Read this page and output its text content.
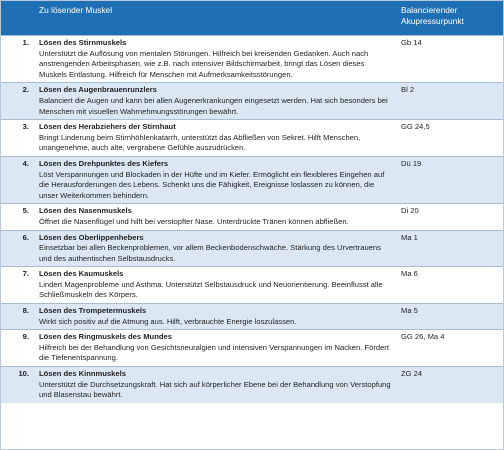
	Zu lösender Muskel	Balancierender Akupressurpunkt
1.	Lösen des Stirnmuskels
Unterstützt die Auflösung von mentalen Störungen. Hilfreich bei kreisenden Gedanken. Auch nach anstrengenden Arbeitsphasen, wie z.B. nach intensiver Bildschirmarbeit, bringt das Lösen dieses Muskels Entlastung. Hilfreich für Menschen mit Aufmerksamkeitsstörungen.	Gb 14
2.	Lösen des Augenbrauenrunzlers
Balanciert die Augen und kann bei allen Augenerkrankungen eingesetzt werden. Hat sich besonders bei Menschen mit visuellen Wahrnehmungsstörungen bewährt.	Bl 2
3.	Lösen des Herabziehers der Stirnhaut
Bringt Linderung beim Stirnhöhlenkatarrh, unterstützt das Abfließen von Sekret. Hilft Menschen, unangenehme, auch alte, vergrabene Gefühle auszudrücken.	GG 24,5
4.	Lösen des Drehpunktes des Kiefers
Löst Verspannungen und Blockaden in der Hüfte und im Kiefer. Ermöglicht ein flexibleres Eingehen auf die Herausforderungen des Lebens. Schenkt uns die Fähigkeit, Ereignisse loslassen zu können, die unser Weiterkommen behindern.	Dü 19
5.	Lösen des Nasenmuskels
Öffnet die Nasenflügel und hilft bei verstopfter Nase. Unterdrückte Tränen können abfließen.	Di 20
6.	Lösen des Oberlippenhebers
Einsetzbar bei allen Beckenproblemen, vor allem Beckenbodenschwäche. Stärkung des Urvertrauens und des authentischen Selbstausdrucks.	Ma 1
7.	Lösen des Kaumuskels
Lindert Magenprobleme und Asthma. Unterstützt Selbstausdruck und Neuorientierung. Beeinflusst alle Schließmuskeln des Körpers.	Ma 6
8.	Lösen des Trompetermuskels
Wirkt sich positiv auf die Atmung aus. Hilft, verbrauchte Energie loszulassen.	Ma 5
9.	Lösen des Ringmuskels des Mundes
Hilfreich bei der Behandlung von Gesichtsneuralgien und intensiven Verspannungen im Nacken. Fördert die Tiefenentspannung.	GG 26, Ma 4
10.	Lösen des Kinnmuskels
Unterstützt die Durchsetzungskraft. Hat sich auf körperlicher Ebene bei der Behandlung von Verstopfung und Blasenstau bewährt.	ZG 24
